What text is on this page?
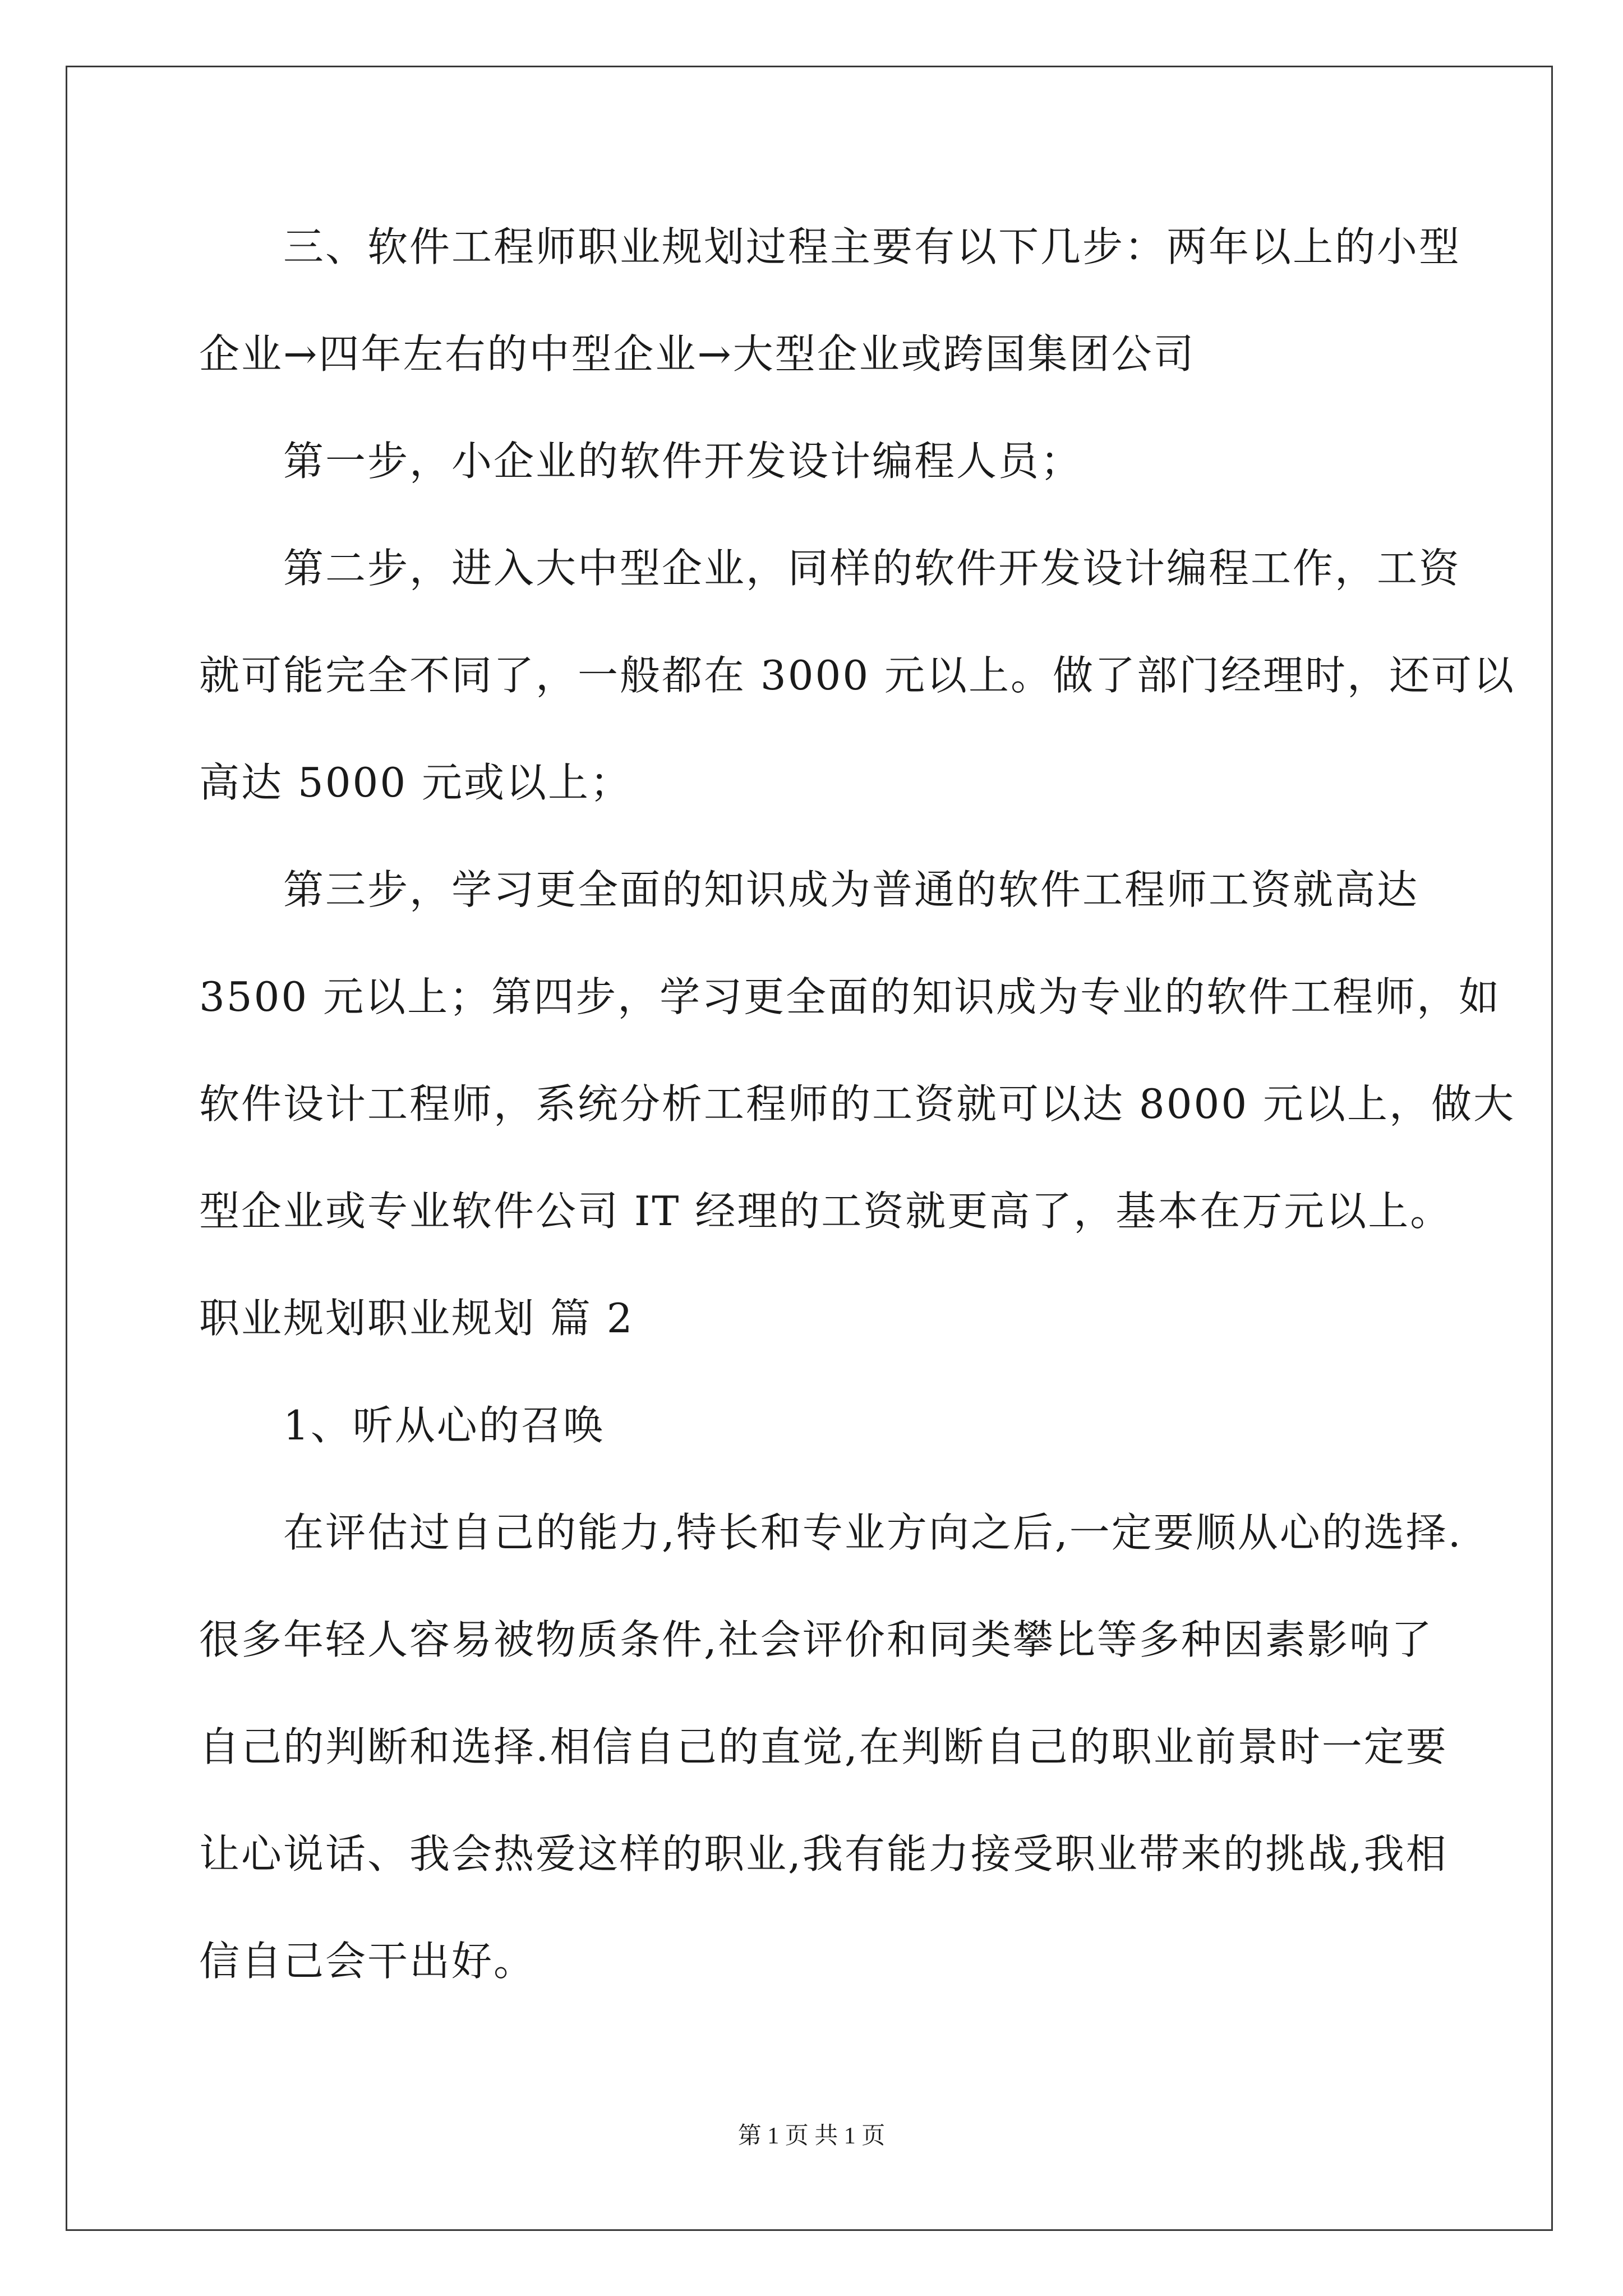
三、软件工程师职业规划过程主要有以下几步：两年以上的小型
企业→四年左右的中型企业→大型企业或跨国集团公司
第一步，小企业的软件开发设计编程人员；
第二步，进入大中型企业，同样的软件开发设计编程工作，工资
就可能完全不同了，一般都在 3000 元以上。做了部门经理时，还可以
高达 5000 元或以上；
第三步，学习更全面的知识成为普通的软件工程师工资就高达
3500 元以上；第四步，学习更全面的知识成为专业的软件工程师，如
软件设计工程师，系统分析工程师的工资就可以达 8000 元以上，做大
型企业或专业软件公司 IT 经理的工资就更高了，基本在万元以上。
职业规划职业规划 篇 2
1、听从心的召唤
在评估过自己的能力,特长和专业方向之后,一定要顺从心的选择.
很多年轻人容易被物质条件,社会评价和同类攀比等多种因素影响了
自己的判断和选择.相信自己的直觉,在判断自己的职业前景时一定要
让心说话、我会热爱这样的职业,我有能力接受职业带来的挑战,我相
信自己会干出好。
第 1 页 共 1 页
